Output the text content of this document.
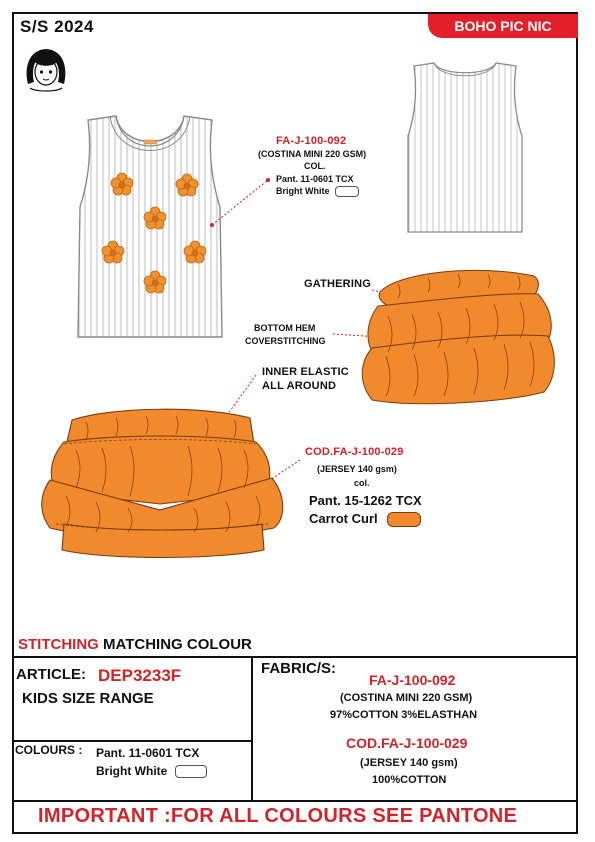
S/S 2024	BOHO PIC NIC
FA-J-100-092
(COSTINA MINI 220 GSM)
COL.
Pant. 11-0601 TCX
Bright White
GATHERING
BOTTOM HEM
COVERSTITCHING
INNER ELASTIC
ALL AROUND
COD.FA-J-100-029
(JERSEY 140 gsm)
col.
Pant. 15-1262 TCX
Carrot Curl
STITCHING MATCHING COLOUR
ARTICLE: DEP3233F
KIDS SIZE RANGE
COLOURS : Pant. 11-0601 TCX
Bright White
FABRIC/S:
FA-J-100-092
(COSTINA MINI 220 GSM)
97%COTTON 3%ELASTHAN
COD.FA-J-100-029
(JERSEY 140 gsm)
100%COTTON
IMPORTANT :FOR ALL COLOURS SEE PANTONE
